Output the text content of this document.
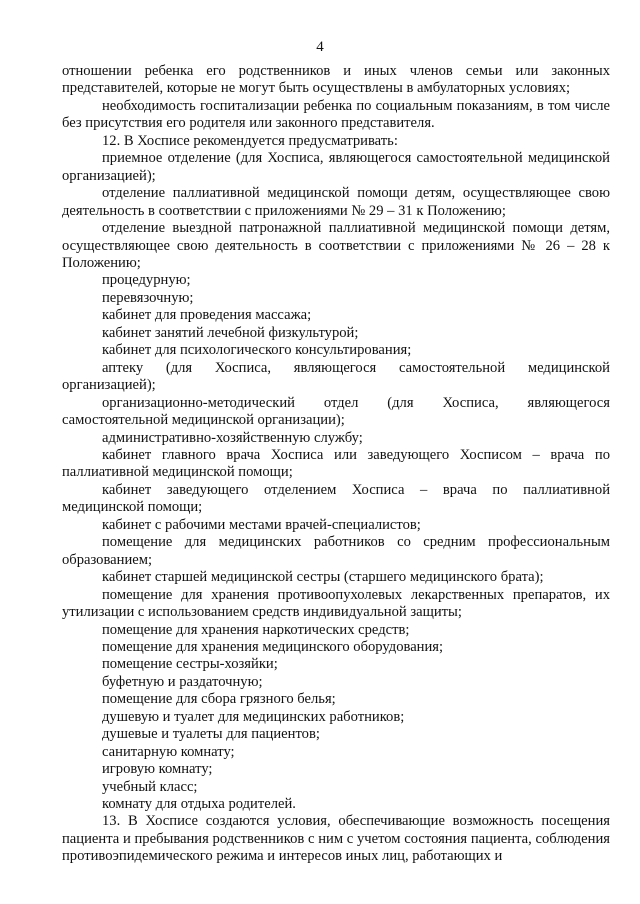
4

отношении ребенка его родственников и иных членов семьи или законных представителей, которые не могут быть осуществлены в амбулаторных условиях;

необходимость госпитализации ребенка по социальным показаниям, в том числе без присутствия его родителя или законного представителя.

12. В Хосписе рекомендуется предусматривать:

приемное отделение (для Хосписа, являющегося самостоятельной медицинской организацией);

отделение паллиативной медицинской помощи детям, осуществляющее свою деятельность в соответствии с приложениями № 29 – 31 к Положению;

отделение выездной патронажной паллиативной медицинской помощи детям, осуществляющее свою деятельность в соответствии с приложениями № 26 – 28 к Положению;

процедурную;

перевязочную;

кабинет для проведения массажа;

кабинет занятий лечебной физкультурой;

кабинет для психологического консультирования;

аптеку (для Хосписа, являющегося самостоятельной медицинской организацией);

организационно-методический отдел (для Хосписа, являющегося самостоятельной медицинской организации);

административно-хозяйственную службу;

кабинет главного врача Хосписа или заведующего Хосписом – врача по паллиативной медицинской помощи;

кабинет заведующего отделением Хосписа – врача по паллиативной медицинской помощи;

кабинет с рабочими местами врачей-специалистов;

помещение для медицинских работников со средним профессиональным образованием;

кабинет старшей медицинской сестры (старшего медицинского брата);

помещение для хранения противоопухолевых лекарственных препаратов, их утилизации с использованием средств индивидуальной защиты;

помещение для хранения наркотических средств;

помещение для хранения медицинского оборудования;

помещение сестры-хозяйки;

буфетную и раздаточную;

помещение для сбора грязного белья;

душевую и туалет для медицинских работников;

душевые и туалеты для пациентов;

санитарную комнату;

игровую комнату;

учебный класс;

комнату для отдыха родителей.

13. В Хосписе создаются условия, обеспечивающие возможность посещения пациента и пребывания родственников с ним с учетом состояния пациента, соблюдения противоэпидемического режима и интересов иных лиц, работающих и
